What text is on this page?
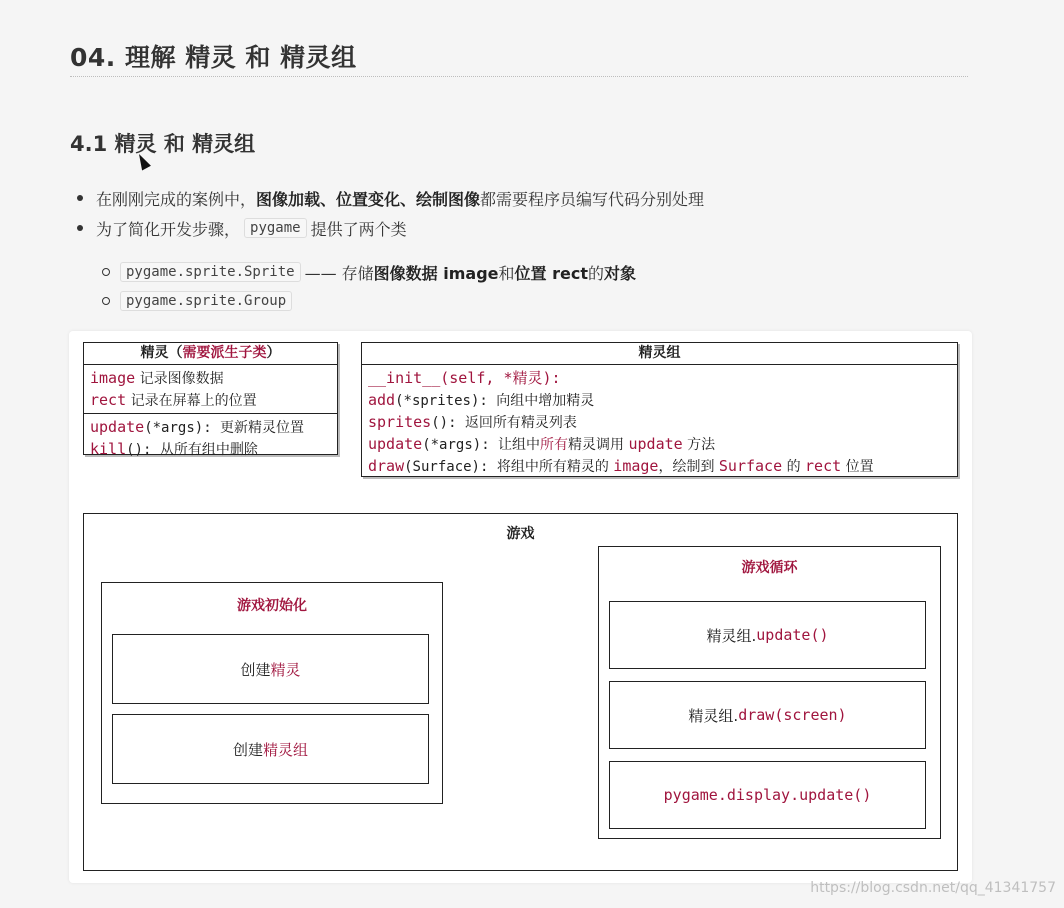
04. 理解 精灵 和 精灵组
4.1 精灵 和 精灵组
在刚刚完成的案例中， 图像加载、位置变化、绘制图像 都需要程序员编写代码分别处理
为了简化开发步骤， pygame 提供了两个类
pygame.sprite.Sprite —— 存储 图像数据 image 和 位置 rect 的 对象
pygame.sprite.Group
精灵（需要派生子类）
image 记录图像数据
rect 记录在屏幕上的位置
update(*args): 更新精灵位置
kill(): 从所有组中删除
精灵组
__init__(self, *精灵):
add(*sprites): 向组中增加精灵
sprites(): 返回所有精灵列表
update(*args): 让组中所有精灵调用 update 方法
draw(Surface): 将组中所有精灵的 image，绘制到 Surface 的 rect 位置
游戏
游戏初始化
创建 精灵
创建 精灵组
游戏循环
精灵组. update()
精灵组. draw(screen)
pygame.display.update()
https://blog.csdn.net/qq_41341757
